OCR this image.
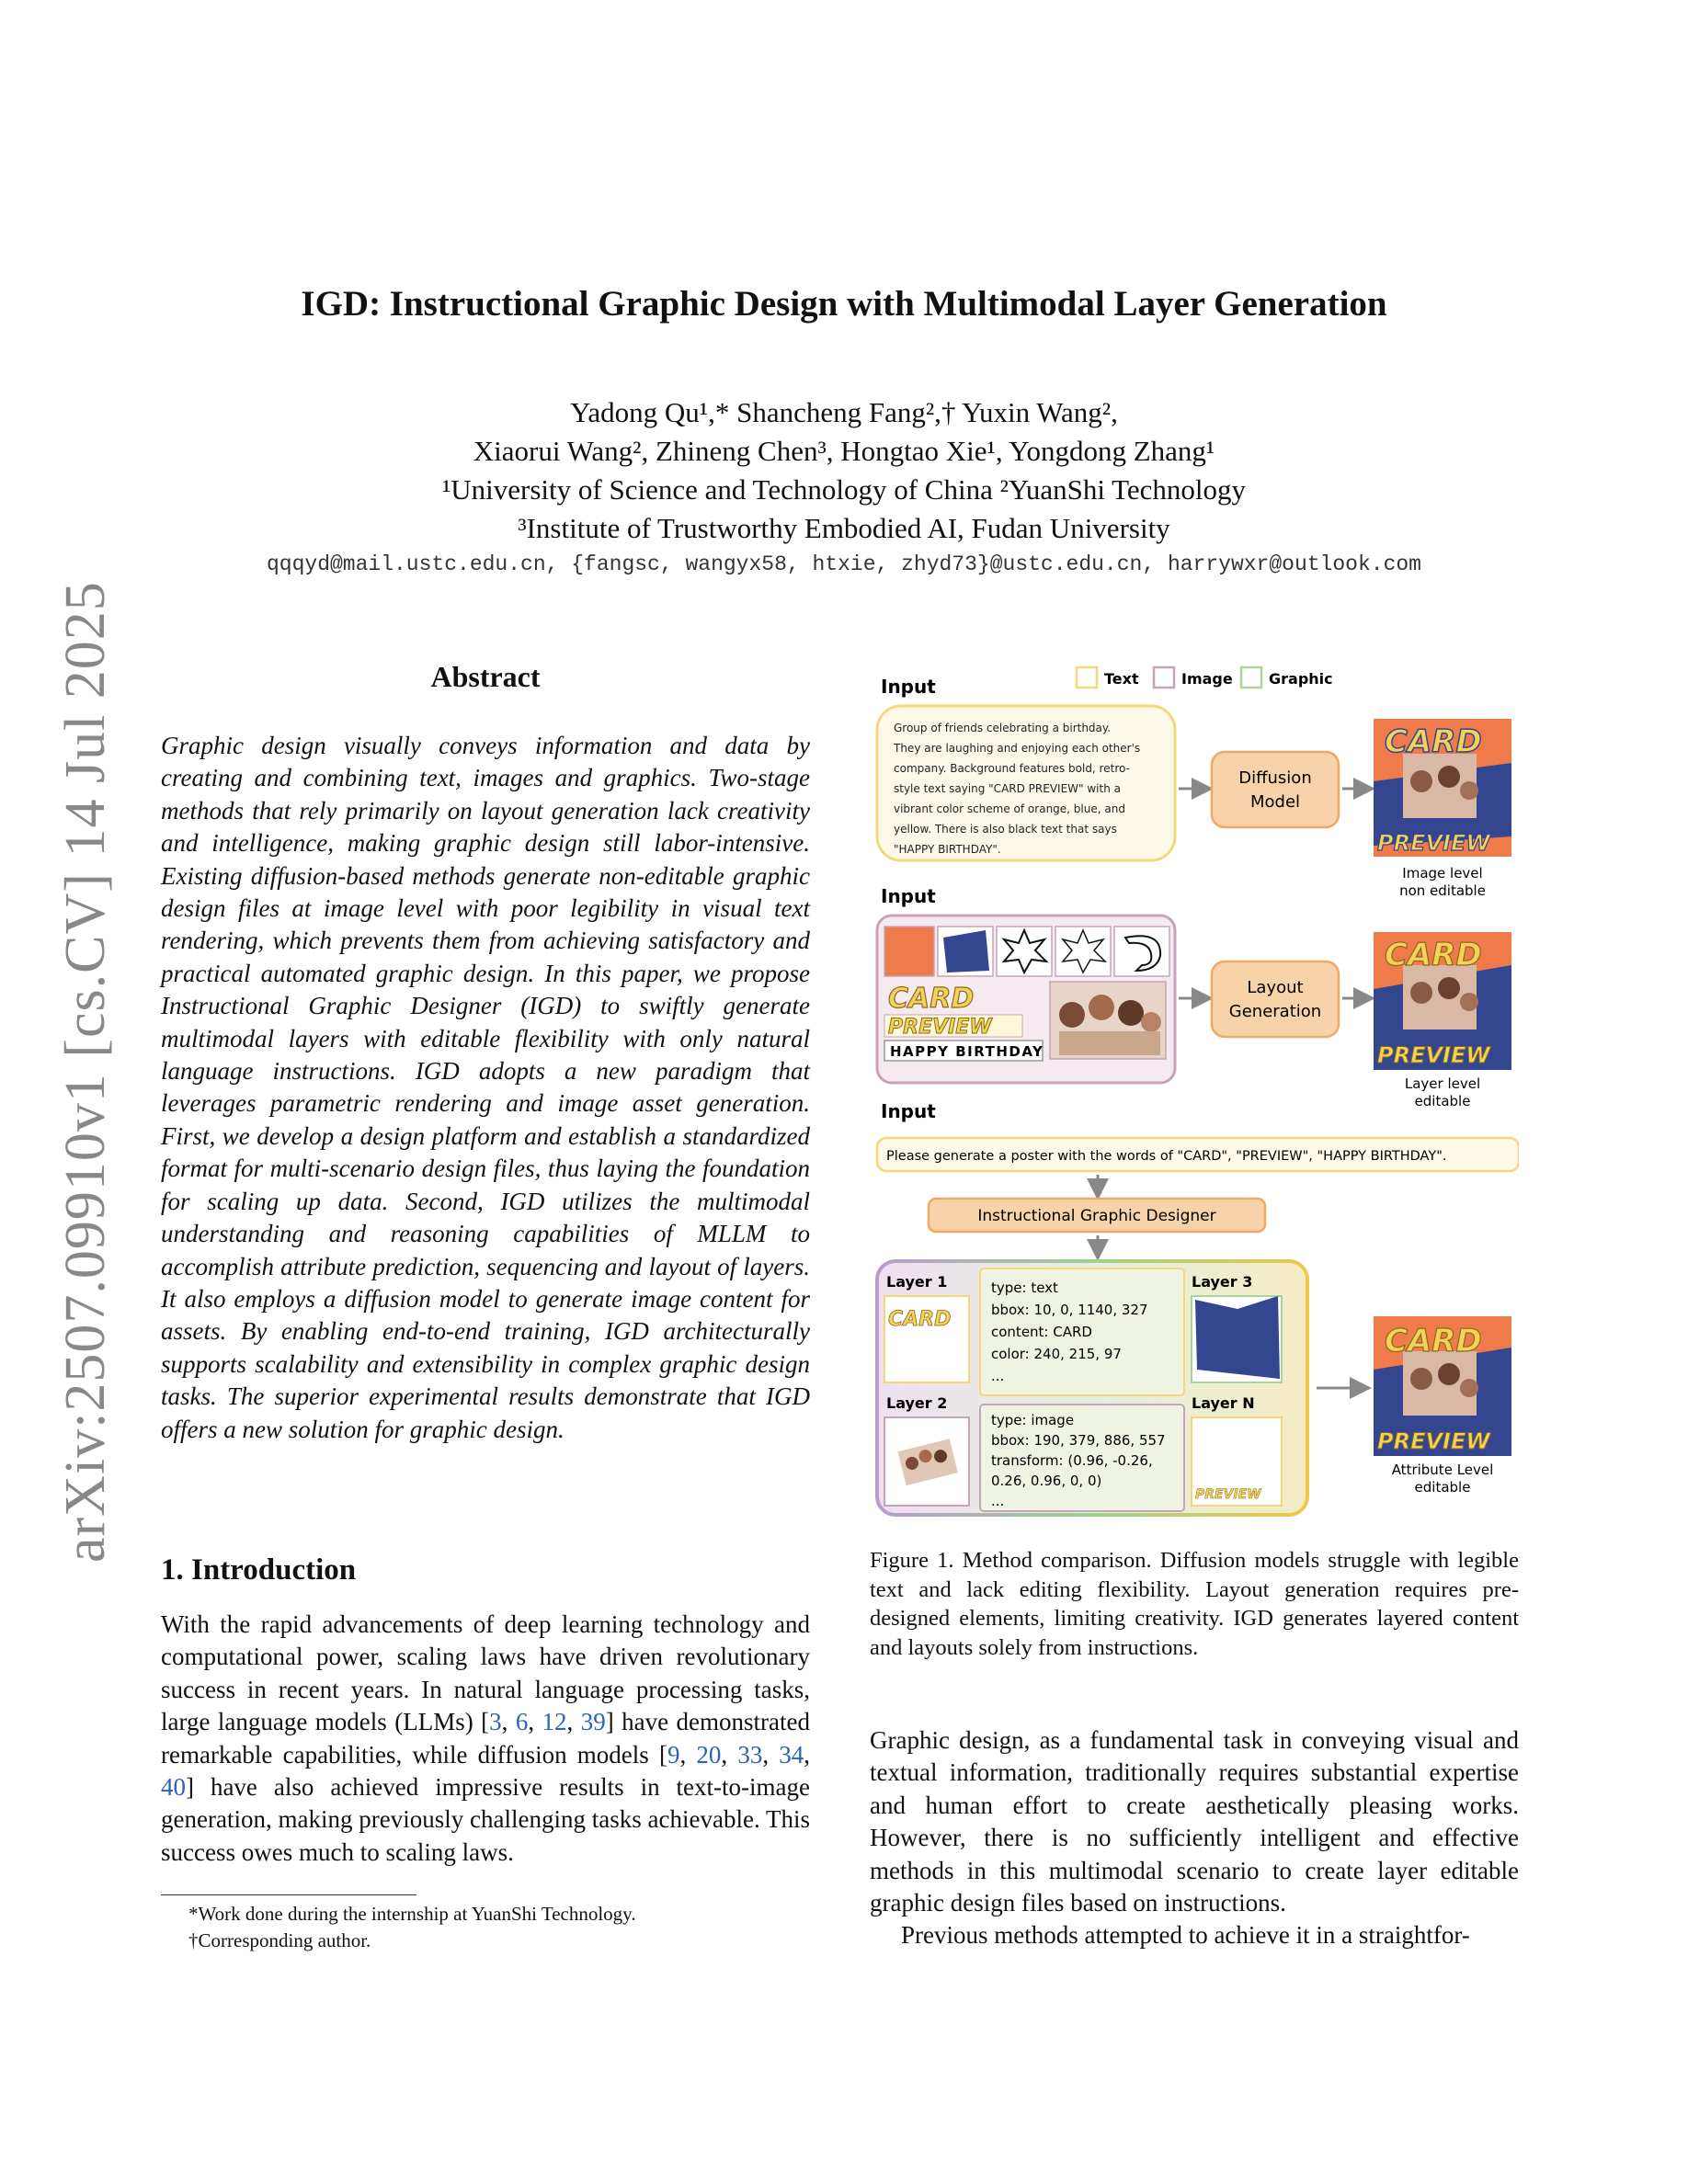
IGD: Instructional Graphic Design with Multimodal Layer Generation
Yadong Qu¹,* Shancheng Fang²,† Yuxin Wang²,
Xiaorui Wang², Zhineng Chen³, Hongtao Xie¹, Yongdong Zhang¹
¹University of Science and Technology of China ²YuanShi Technology
³Institute of Trustworthy Embodied AI, Fudan University
qqqyd@mail.ustc.edu.cn, {fangsc, wangyx58, htxie, zhyd73}@ustc.edu.cn, harrywxr@outlook.com
arXiv:2507.09910v1 [cs.CV] 14 Jul 2025	Abstract
Graphic design visually conveys information and data by creating and combining text, images and graphics. Two-stage methods that rely primarily on layout generation lack creativity and intelligence, making graphic design still labor-intensive. Existing diffusion-based methods generate non-editable graphic design files at image level with poor legibility in visual text rendering, which prevents them from achieving satisfactory and practical automated graphic design. In this paper, we propose Instructional Graphic Designer (IGD) to swiftly generate multimodal layers with editable flexibility with only natural language instructions. IGD adopts a new paradigm that leverages parametric rendering and image asset generation. First, we develop a design platform and establish a standardized format for multi-scenario design files, thus laying the foundation for scaling up data. Second, IGD utilizes the multimodal understanding and reasoning capabilities of MLLM to accomplish attribute prediction, sequencing and layout of layers. It also employs a diffusion model to generate image content for assets. By enabling end-to-end training, IGD architecturally supports scalability and extensibility in complex graphic design tasks. The superior experimental results demonstrate that IGD offers a new solution for graphic design.
1. Introduction
With the rapid advancements of deep learning technology and computational power, scaling laws have driven revolutionary success in recent years. In natural language processing tasks, large language models (LLMs) [3, 6, 12, 39] have demonstrated remarkable capabilities, while diffusion models [9, 20, 33, 34, 40] have also achieved impressive results in text-to-image generation, making previously challenging tasks achievable. This success owes much to scaling laws.
*Work done during the internship at YuanShi Technology.
†Corresponding author.
Text	Image Graphic
Input
Group of friends celebrating a birthday.
They are laughing and enjoying each other's
company. Background features bold, retro-
style text saying "CARD PREVIEW" with a
vibrant color scheme of orange, blue, and
yellow. There is also black text that says
"HAPPY BIRTHDAY".
Diffusion
Model
CARD
PREVIEW
Image level
non editable
Input
CARD
PREVIEW
HAPPY BIRTHDAY
Layout
Generation
CARD
PREVIEW
Layer level
editable
Input
Please generate a poster with the words of "CARD", "PREVIEW", "HAPPY BIRTHDAY".
Instructional Graphic Designer
Layer 1
CARD
type: text
bbox: 10, 0, 1140, 327
content: CARD
color: 240, 215, 97
...
Layer 3
Layer 2
type: image
bbox: 190, 379, 886, 557
transform: (0.96, -0.26,
0.26, 0.96, 0, 0)
...
Layer N
PREVIEW
CARD
PREVIEW
Attribute Level
editable
Figure 1. Method comparison. Diffusion models struggle with legible text and lack editing flexibility. Layout generation requires pre-designed elements, limiting creativity. IGD generates layered content and layouts solely from instructions.
Graphic design, as a fundamental task in conveying visual and textual information, traditionally requires substantial expertise and human effort to create aesthetically pleasing works. However, there is no sufficiently intelligent and effective methods in this multimodal scenario to create layer editable graphic design files based on instructions.
Previous methods attempted to achieve it in a straightfor-
